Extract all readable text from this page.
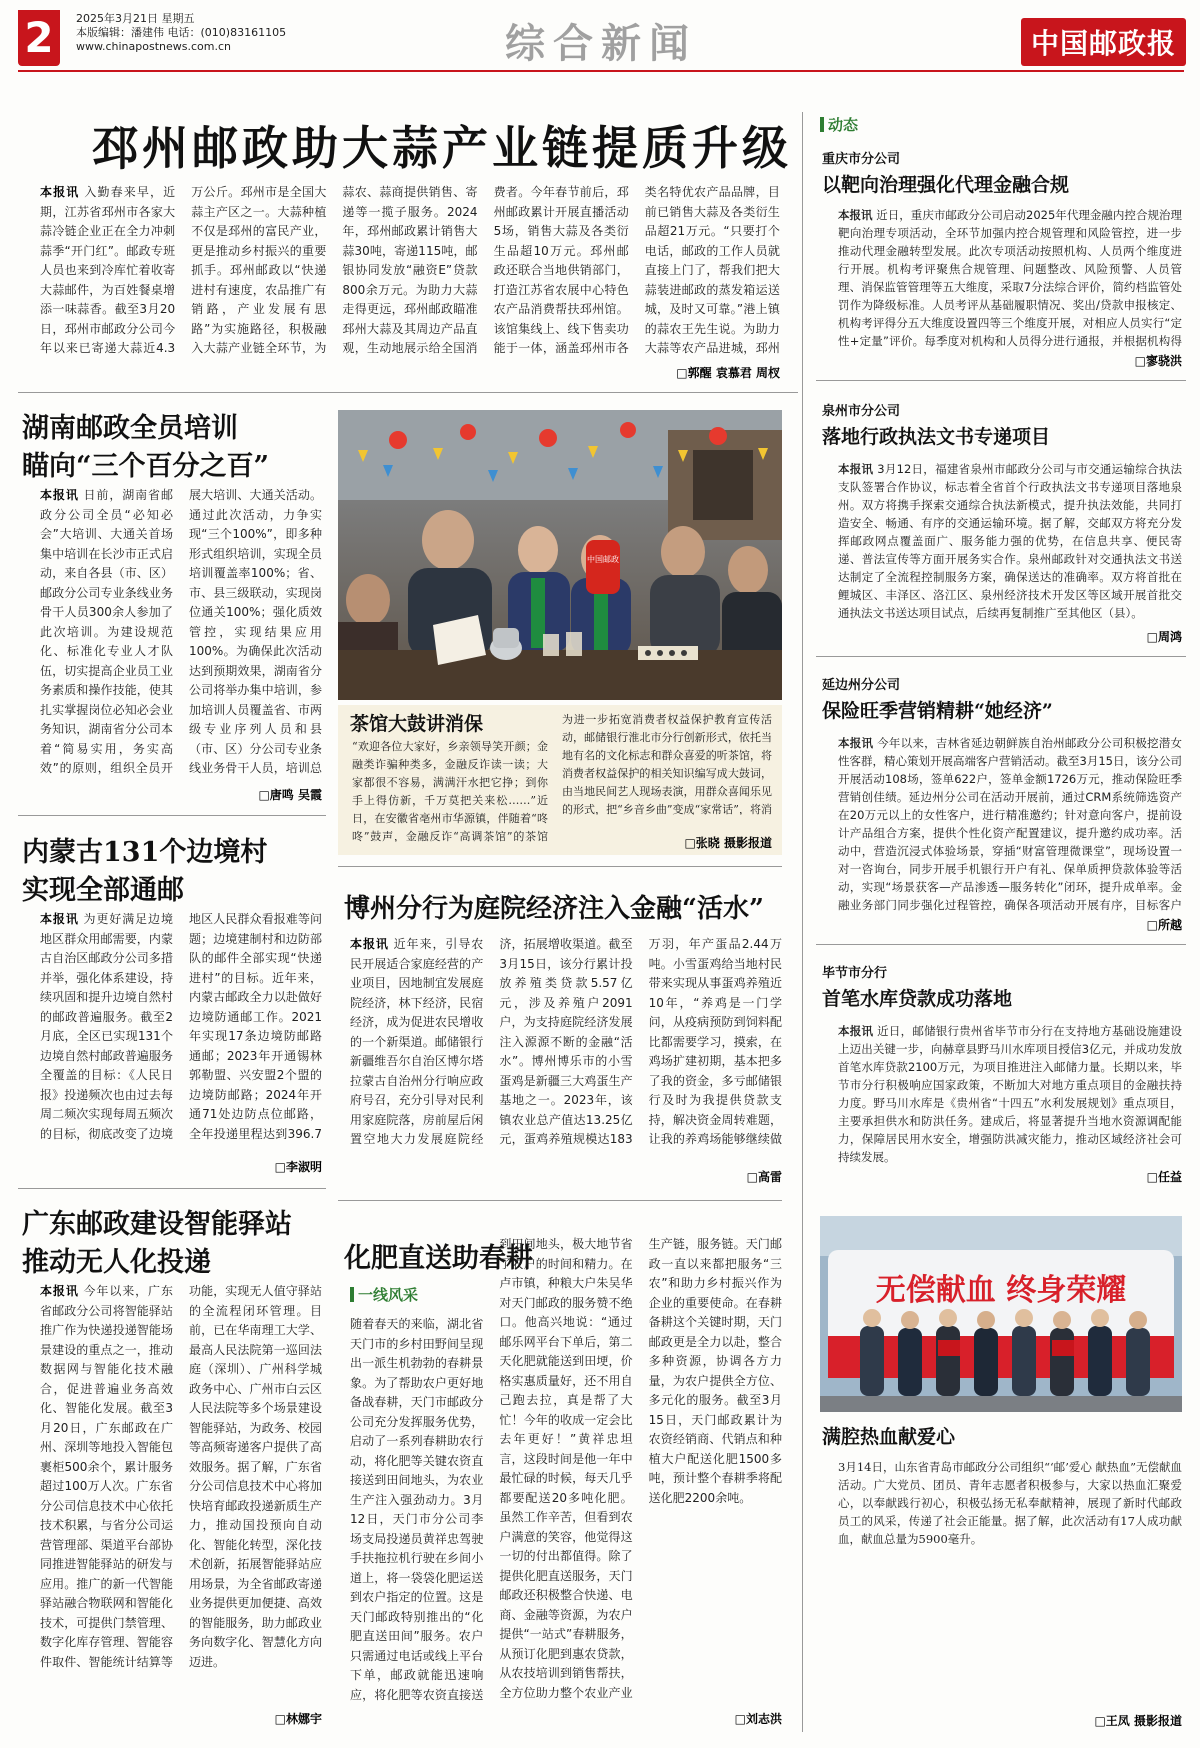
2	2025年3月21日 星期五
本版编辑：潘建伟 电话：(010)83161105
www.chinapostnews.com.cn	综合新闻	中国邮政报
邳州邮政助大蒜产业链提质升级
本报讯 入勤春来早，近期，江苏省邳州市各家大蒜冷链企业正在全力冲刺蒜季“开门红”。邮政专班人员也来到冷库忙着收寄大蒜邮件，为百姓餐桌增添一味蒜香。截至3月20日，邳州市邮政分公司今年以来已寄递大蒜近4.3万公斤。邳州市是全国大蒜主产区之一。大蒜种植不仅是邳州的富民产业，更是推动乡村振兴的重要抓手。邳州邮政以“快递进村有速度，农品推广有销路，产业发展有思路”为实施路径，积极融入大蒜产业链全环节，为蒜农、蒜商提供销售、寄递等一揽子服务。2024年，邳州邮政累计销售大蒜30吨，寄递115吨，邮银协同发放“融资E”贷款800余万元。为助力大蒜走得更远，邳州邮政瞄准邳州大蒜及其周边产品直观，生动地展示给全国消费者。今年春节前后，邳州邮政累计开展直播活动5场，销售大蒜及各类衍生品超10万元。邳州邮政还联合当地供销部门，打造江苏省农展中心特色农产品消费帮扶邳州馆。该馆集线上、线下售卖功能于一体，涵盖邳州市各类名特优农产品品牌，目前已销售大蒜及各类衍生品超21万元。“只要打个电话，邮政的工作人员就直接上门了，帮我们把大蒜装进邮政的蒸发箱运送城，及时又可靠。”港上镇的蒜农王先生说。为助力大蒜等农产品进城，邳州
□郭醒 袁慕君 周杈
湖南邮政全员培训
瞄向“三个百分之百”
本报讯 日前，湖南省邮政分公司全员“必知必会”大培训、大通关首场集中培训在长沙市正式启动，来自各县（市、区）邮政分公司专业条线业务骨干人员300余人参加了此次培训。为建设规范化、标准化专业人才队伍，切实提高企业员工业务素质和操作技能，使其扎实掌握岗位必知必会业务知识，湖南省分公司本着“简易实用，务实高效”的原则，组织全员开展大培训、大通关活动。通过此次活动，力争实现“三个100%”，即多种形式组织培训，实现全员培训覆盖率100%；省、市、县三级联动，实现岗位通关100%；强化质效管控，实现结果应用100%。为确保此次活动达到预期效果，湖南省分公司将举办集中培训，参加培训人员覆盖省、市两级专业序列人员和县（市、区）分公司专业条线业务骨干人员，培训总
□唐鸣 吴霞
中国邮政
茶馆大鼓讲消保
“欢迎各位大家好，乡亲领导笑开颜；金融类诈骗种类多，金融反诈读一读；大家都很不容易，满满汗水把它挣；到你手上得仿新，千万莫把关来松……”近日，在安徽省亳州市华源镇，伴随着“咚咚”鼓声，金融反诈“高调茶馆”的茶馆
为进一步拓宽消费者权益保护教育宣传活动，邮储银行淮北市分行创新形式，依托当地有名的文化标志和群众喜爱的听茶馆，将消费者权益保护的相关知识编写成大鼓词，由当地民间艺人现场表演，用群众喜闻乐见的形式，把“乡音乡曲”变成“家常话”，将消
□张晓 摄影报道
内蒙古131个边境村
实现全部通邮
本报讯 为更好满足边境地区群众用邮需要，内蒙古自治区邮政分公司多措并举，强化体系建设，持续巩固和提升边境自然村的邮政普遍服务。截至2月底，全区已实现131个边境自然村邮政普遍服务全覆盖的目标：《人民日报》投递频次也由过去每周二频次实现每周五频次的目标，彻底改变了边境地区人民群众看报难等问题；边境建制村和边防部队的邮件全部实现“快递进村”的目标。近年来，内蒙古邮政全力以赴做好边境防通邮工作。2021年实现17条边境防邮路通邮；2023年开通锡林郭勒盟、兴安盟2个盟的边境防邮路；2024年开通71处边防点位邮路，全年投递里程达到396.7
□李淑明
博州分行为庭院经济注入金融“活水”
本报讯 近年来，引导农民开展适合家庭经营的产业项目，因地制宜发展庭院经济，林下经济，民宿经济，成为促进农民增收的一个新渠道。邮储银行新疆维吾尔自治区博尔塔拉蒙古自治州分行响应政府号召，充分引导对民利用家庭院落，房前屋后闲置空地大力发展庭院经济，拓展增收渠道。截至3月15日，该分行累计投放养殖类贷款5.57亿元，涉及养殖户2091户，为支持庭院经济发展注入源源不断的金融“活水”。博州博乐市的小雪蛋鸡是新疆三大鸡蛋生产基地之一。2023年，该镇农业总产值达13.25亿元，蛋鸡养殖规模达183万羽，年产蛋品2.44万吨。小雪蛋鸡给当地村民带来实现从事蛋鸡养殖近10年，“养鸡是一门学问，从疫病预防到饲料配比都需要学习，摸索，在鸡场扩建初期，基本把多了我的资金，多亏邮储银行及时为我提供贷款支持，解决资金周转难题，让我的养鸡场能够继续做
□高雷
广东邮政建设智能驿站
推动无人化投递
本报讯 今年以来，广东省邮政分公司将智能驿站推广作为快递投递智能场景建设的重点之一，推动数据网与智能化技术融合，促进普遍业务高效化、智能化发展。截至3月20日，广东邮政在广州、深圳等地投入智能包裹柜500余个，累计服务超过100万人次。广东省分公司信息技术中心依托技术积累，与省分公司运营管理部、渠道平台部协同推进智能驿站的研发与应用。推广的新一代智能驿站融合物联网和智能化技术，可提供门禁管理、数字化库存管理、智能容件取件、智能统计结算等功能，实现无人值守驿站的全流程闭环管理。目前，已在华南理工大学、最高人民法院第一巡回法庭（深圳）、广州科学城政务中心、广州市白云区人民法院等多个场景建设智能驿站，为政务、校园等高频寄递客户提供了高效服务。据了解，广东省分公司信息技术中心将加快培育邮政投递新质生产力，推动国投预向自动化、智能化转型，深化技术创新，拓展智能驿站应用场景，为全省邮政寄递业务提供更加便捷、高效的智能服务，助力邮政业务向数字化、智慧化方向迈进。
□林娜宇
化肥直送助春耕
一线风采
随着春天的来临，湖北省天门市的乡村田野间呈现出一派生机勃勃的春耕景象。为了帮助农户更好地备战春耕，天门市邮政分公司充分发挥服务优势，启动了一系列春耕助农行动，将化肥等关键农资直接送到田间地头，为农业生产注入强劲动力。3月12日，天门市分公司李场支局投递员黄祥忠驾驶手扶拖拉机行驶在乡间小道上，将一袋袋化肥运送到农户指定的位置。这是天门邮政特别推出的“化肥直送田间”服务。农户只需通过电话或线上平台下单，邮政就能迅速响应，将化肥等农资直接送到田间地头，极大地节省了农户的时间和精力。在卢市镇，种粮大户朱吴华对天门邮政的服务赞不绝口。他高兴地说：“通过邮乐网平台下单后，第二天化肥就能送到田埂，价格实惠质量好，还不用自己跑去拉，真是帮了大忙！今年的收成一定会比去年更好！”黄祥忠坦言，这段时间是他一年中最忙碌的时候，每天几乎都要配送20多吨化肥。虽然工作辛苦，但看到农户满意的笑容，他觉得这一切的付出都值得。除了提供化肥直送服务，天门邮政还积极整合快递、电商、金融等资源，为农户提供“一站式”春耕服务，从预订化肥到惠农贷款，从农技培训到销售帮扶，全方位助力整个农业产业生产链，服务链。天门邮政一直以来都把服务“三农”和助力乡村振兴作为企业的重要使命。在春耕备耕这个关键时期，天门邮政更是全力以赴，整合多种资源，协调各方力量，为农户提供全方位、多元化的服务。截至3月15日，天门邮政累计为农资经销商、代销点和种植大户配送化肥1500多吨，预计整个春耕季将配送化肥2200余吨。
□刘志洪
动态
重庆市分公司
以靶向治理强化代理金融合规
本报讯 近日，重庆市邮政分公司启动2025年代理金融内控合规治理靶向治理专项活动，全环节加强内控合规管理和风险管控，进一步推动代理金融转型发展。此次专项活动按照机构、人员两个维度进行开展。机构考评聚焦合规管理、问题整改、风险预警、人员管理、消保监管管理等五大维度，采取7分法综合评价，简约档监管处罚作为降级标准。人员考评从基础履职情况、奖出/贷款申报核定、机构考评得分五大维度设置四等三个维度开展，对相应人员实行“定性+定量”评价。每季度对机构和人员得分进行通报，并根据机构得
□寥骁洪
泉州市分公司
落地行政执法文书专递项目
本报讯 3月12日，福建省泉州市邮政分公司与市交通运输综合执法支队签署合作协议，标志着全省首个行政执法文书专递项目落地泉州。双方将携手探索交通综合执法新模式，提升执法效能，共同打造安全、畅通、有序的交通运输环境。据了解，交邮双方将充分发挥邮政网点覆盖面广、服务能力强的优势，在信息共享、便民寄递、普法宣传等方面开展务实合作。泉州邮政针对交通执法文书送达制定了全流程控制服务方案，确保送达的准确率。双方将首批在鲤城区、丰泽区、洛江区、泉州经济技术开发区等区域开展首批交通执法文书送达项目试点，后续再复制推广至其他区（县）。
□周鸿
延边州分公司
保险旺季营销精耕“她经济”
本报讯 今年以来，吉林省延边朝鲜族自治州邮政分公司积极挖潜女性客群，精心策划开展高端客户营销活动。截至3月15日，该分公司开展活动108场，签单622户，签单金额1726万元，推动保险旺季营销创佳绩。延边州分公司在活动开展前，通过CRM系统筛选资产在20万元以上的女性客户，进行精准邀约；针对意向客户，提前设计产品组合方案，提供个性化资产配置建议，提升邀约成功率。活动中，营造沉浸式体验场景，穿插“财富管理微课堂”，现场设置一对一咨询台，同步开展手机银行开户有礼、保单质押贷款体验等活动，实现“场景获客—产品渗透—服务转化”闭环，提升成单率。金融业务部门同步强化过程管控，确保各项活动开展有序，目标客户
□所越
毕节市分行
首笔水库贷款成功落地
本报讯 近日，邮储银行贵州省毕节市分行在支持地方基础设施建设上迈出关键一步，向赫章县野马川水库项目授信3亿元，并成功发放首笔水库贷款2100万元，为项目推进注入邮储力量。长期以来，毕节市分行积极响应国家政策，不断加大对地方重点项目的金融扶持力度。野马川水库是《贵州省“十四五”水利发展规划》重点项目，主要承担供水和防洪任务。建成后，将显著提升当地水资源调配能力，保障居民用水安全，增强防洪减灾能力，推动区域经济社会可持续发展。
□任益
无偿献血 终身荣耀
满腔热血献爱心
3月14日，山东省青岛市邮政分公司组织“‘邮’爱心 献热血”无偿献血活动。广大党员、团员、青年志愿者积极参与，大家以热血汇聚爱心，以奉献践行初心，积极弘扬无私奉献精神，展现了新时代邮政员工的风采，传递了社会正能量。据了解，此次活动有17人成功献血，献血总量为5900毫升。
□王凤 摄影报道
